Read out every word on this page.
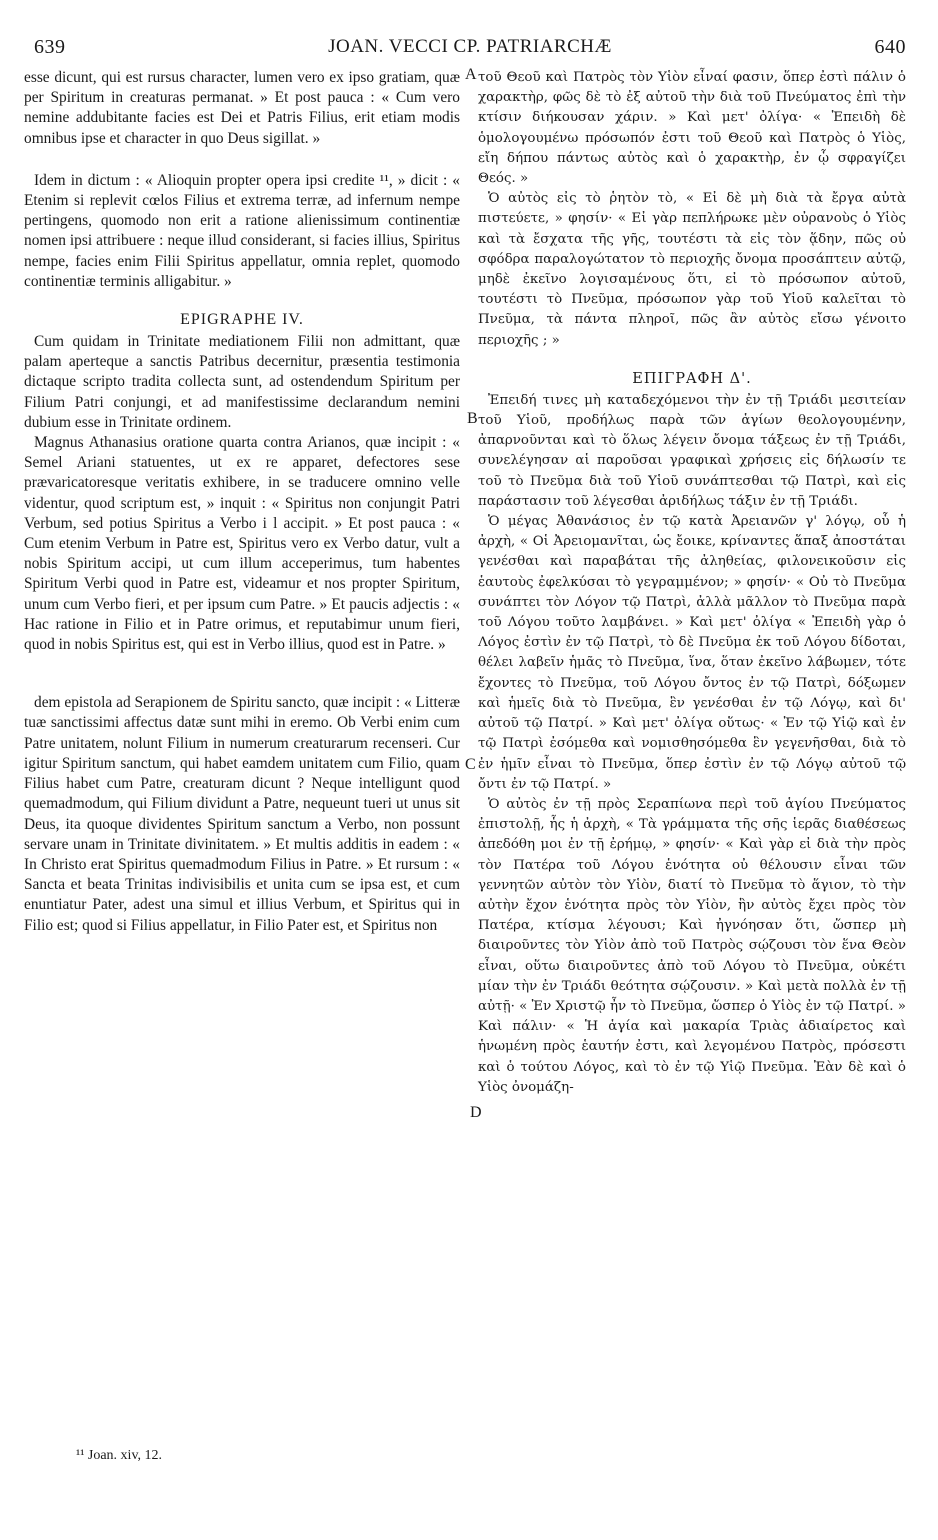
639	JOAN. VECCI CP. PATRIARCHÆ	640

esse dicunt, qui est rursus character, lumen vero ex ipso gratiam, quæ per Spiritum in creaturas permanat. » Et post pauca : « Cum vero nemine addubitante facies est Dei et Patris Filius, erit etiam modis omnibus ipse et character in quo Deus sigillat. »

Idem in dictum : « Alioquin propter opera ipsi credite ¹¹, » dicit : « Etenim si replevit cœlos Filius et extrema terræ, ad infernum nempe pertingens, quomodo non erit a ratione alienissimum continentiæ nomen ipsi attribuere : neque illud considerant, si facies illius, Spiritus nempe, facies enim Filii Spiritus appellatur, omnia replet, quomodo continentiæ terminis alligabitur. »

EPIGRAPHE IV.

Cum quidam in Trinitate mediationem Filii non admittant, quæ palam aperteque a sanctis Patribus decernitur, præsentia testimonia dictaque scripto tradita collecta sunt, ad ostendendum Spiritum per Filium Patri conjungi, et ad manifestissime declarandum nemini dubium esse in Trinitate ordinem.

Magnus Athanasius oratione quarta contra Arianos, quæ incipit : « Semel Ariani statuentes, ut ex re apparet, defectores sese prævaricatoresque veritatis exhibere, in se traducere omnino velle videntur, quod scriptum est, » inquit : « Spiritus non conjungit Patri Verbum, sed potius Spiritus a Verbo i l accipit. » Et post pauca : « Cum etenim Verbum in Patre est, Spiritus vero ex Verbo datur, vult a nobis Spiritum accipi, ut cum illum acceperimus, tum habentes Spiritum Verbi quod in Patre est, videamur et nos propter Spiritum, unum cum Verbo fieri, et per ipsum cum Patre. » Et paucis adjectis : « Hac ratione in Filio et in Patre orimus, et reputabimur unum fieri, quod in nobis Spiritus est, qui est in Verbo illius, quod est in Patre. »

dem epistola ad Serapionem de Spiritu sancto, quæ incipit : « Litteræ tuæ sanctissimi affectus datæ sunt mihi in eremo. Ob Verbi enim cum Patre unitatem, nolunt Filium in numerum creaturarum recenseri. Cur igitur Spiritum sanctum, qui habet eamdem unitatem cum Filio, quam Filius habet cum Patre, creaturam dicunt ? Neque intelligunt quod quemadmodum, qui Filium dividunt a Patre, nequeunt tueri ut unus sit Deus, ita quoque dividentes Spiritum sanctum a Verbo, non possunt servare unam in Trinitate divinitatem. » Et multis additis in eadem : « In Christo erat Spiritus quemadmodum Filius in Patre. » Et rursum : « Sancta et beata Trinitas indivisibilis et unita cum se ipsa est, et cum enuntiatur Pater, adest una simul et illius Verbum, et Spiritus qui in Filio est; quod si Filius appellatur, in Filio Pater est, et Spiritus non

τοῦ Θεοῦ καὶ Πατρὸς τὸν Υἱὸν εἶναί φασιν, ὅπερ ἐστὶ πάλιν ὁ χαρακτὴρ, φῶς δὲ τὸ ἐξ αὐτοῦ τὴν διὰ τοῦ Πνεύματος ἐπὶ τὴν κτίσιν διήκουσαν χάριν. » Καὶ μετ' ὀλίγα· « Ἐπειδὴ δὲ ὁμολογουμένω πρόσωπόν ἐστι τοῦ Θεοῦ καὶ Πατρὸς ὁ Υἱὸς, εἴη δήπου πάντως αὐτὸς καὶ ὁ χαρακτὴρ, ἐν ᾧ σφραγίζει Θεός. »

Ὁ αὐτὸς εἰς τὸ ῥητὸν τὸ, « Εἰ δὲ μὴ διὰ τὰ ἔργα αὐτὰ πιστεύετε, » φησίν· « Εἰ γὰρ πεπλήρωκε μὲν οὐρανοὺς ὁ Υἱὸς καὶ τὰ ἔσχατα τῆς γῆς, τουτέστι τὰ εἰς τὸν ᾅδην, πῶς οὐ σφόδρα παραλογώτατον τὸ περιοχῆς ὄνομα προσάπτειν αὐτῷ, μηδὲ ἐκεῖνο λογισαμένους ὅτι, εἰ τὸ πρόσωπον αὐτοῦ, τουτέστι τὸ Πνεῦμα, πρόσωπον γὰρ τοῦ Υἱοῦ καλεῖται τὸ Πνεῦμα, τὰ πάντα πληροῖ, πῶς ἂν αὐτὸς εἴσω γένοιτο περιοχῆς ; »

ΕΠΙΓΡΑΦΗ Δ'.

Ἐπειδή τινες μὴ καταδεχόμενοι τὴν ἐν τῇ Τριάδι μεσιτείαν τοῦ Υἱοῦ, προδήλως παρὰ τῶν ἁγίων θεολογουμένην, ἀπαρνοῦνται καὶ τὸ ὅλως λέγειν ὄνομα τάξεως ἐν τῇ Τριάδι, συνελέγησαν αἱ παροῦσαι γραφικαὶ χρήσεις εἰς δήλωσίν τε τοῦ τὸ Πνεῦμα διὰ τοῦ Υἱοῦ συνάπτεσθαι τῷ Πατρὶ, καὶ εἰς παράστασιν τοῦ λέγεσθαι ἀριδήλως τάξιν ἐν τῇ Τριάδι.

Ὁ μέγας Ἀθανάσιος ἐν τῷ κατὰ Ἀρειανῶν γ' λόγῳ, οὗ ἡ ἀρχὴ, « Οἱ Ἀρειομανῖται, ὡς ἔοικε, κρίναντες ἅπαξ ἀποστάται γενέσθαι καὶ παραβάται τῆς ἀληθείας, φιλονεικοῦσιν εἰς ἑαυτοὺς ἐφελκύσαι τὸ γεγραμμένον; » φησίν· « Οὐ τὸ Πνεῦμα συνάπτει τὸν Λόγον τῷ Πατρὶ, ἀλλὰ μᾶλλον τὸ Πνεῦμα παρὰ τοῦ Λόγου τοῦτο λαμβάνει. » Καὶ μετ' ὀλίγα « Ἐπειδὴ γὰρ ὁ Λόγος ἐστὶν ἐν τῷ Πατρὶ, τὸ δὲ Πνεῦμα ἐκ τοῦ Λόγου δίδοται, θέλει λαβεῖν ἡμᾶς τὸ Πνεῦμα, ἵνα, ὅταν ἐκεῖνο λάβωμεν, τότε ἔχοντες τὸ Πνεῦμα, τοῦ Λόγου ὄντος ἐν τῷ Πατρὶ, δόξωμεν καὶ ἡμεῖς διὰ τὸ Πνεῦμα, ἓν γενέσθαι ἐν τῷ Λόγῳ, καὶ δι' αὐτοῦ τῷ Πατρί. » Καὶ μετ' ὀλίγα οὕτως· « Ἐν τῷ Υἱῷ καὶ ἐν τῷ Πατρὶ ἐσόμεθα καὶ νομισθησόμεθα ἓν γεγενῆσθαι, διὰ τὸ ἐν ἡμῖν εἶναι τὸ Πνεῦμα, ὅπερ ἐστὶν ἐν τῷ Λόγῳ αὐτοῦ τῷ ὄντι ἐν τῷ Πατρί. »

Ὁ αὐτὸς ἐν τῇ πρὸς Σεραπίωνα περὶ τοῦ ἁγίου Πνεύματος ἐπιστολῇ, ἧς ἡ ἀρχὴ, « Τὰ γράμματα τῆς σῆς ἱερᾶς διαθέσεως ἀπεδόθη μοι ἐν τῇ ἐρήμῳ, » φησίν· « Καὶ γὰρ εἰ διὰ τὴν πρὸς τὸν Πατέρα τοῦ Λόγου ἑνότητα οὐ θέλουσιν εἶναι τῶν γεννητῶν αὐτὸν τὸν Υἱὸν, διατί τὸ Πνεῦμα τὸ ἅγιον, τὸ τὴν αὐτὴν ἔχον ἑνότητα πρὸς τὸν Υἱὸν, ἣν αὐτὸς ἔχει πρὸς τὸν Πατέρα, κτίσμα λέγουσι; Καὶ ἠγνόησαν ὅτι, ὥσπερ μὴ διαιροῦντες τὸν Υἱὸν ἀπὸ τοῦ Πατρὸς σῴζουσι τὸν ἕνα Θεὸν εἶναι, οὕτω διαιροῦντες ἀπὸ τοῦ Λόγου τὸ Πνεῦμα, οὐκέτι μίαν τὴν ἐν Τριάδι θεότητα σῴζουσιν. » Καὶ μετὰ πολλὰ ἐν τῇ αὐτῇ· « Ἐν Χριστῷ ἦν τὸ Πνεῦμα, ὥσπερ ὁ Υἱὸς ἐν τῷ Πατρί. » Καὶ πάλιν· « Ἡ ἁγία καὶ μακαρία Τριὰς ἀδιαίρετος καὶ ἡνωμένη πρὸς ἑαυτήν ἐστι, καὶ λεγομένου Πατρὸς, πρόσεστι καὶ ὁ τούτου Λόγος, καὶ τὸ ἐν τῷ Υἱῷ Πνεῦμα. Ἐὰν δὲ καὶ ὁ Υἱὸς ὀνομάζη-

A
B
C
D
¹¹ Joan. xiv, 12.
